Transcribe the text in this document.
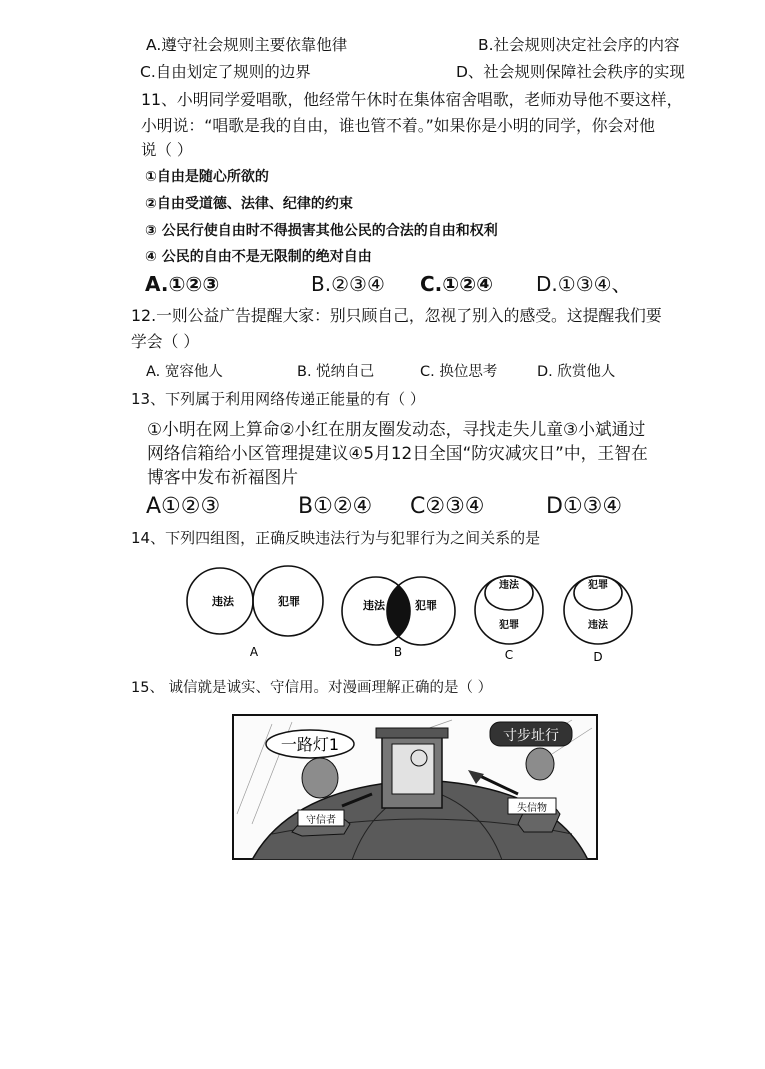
A.遵守社会规则主要依靠他律	B.社会规则决定社会序的内容
C.自由划定了规则的边界	D、社会规则保障社会秩序的实现
11、小明同学爱唱歌，他经常午休时在集体宿舍唱歌，老师劝导他不要这样，
小明说：“唱歌是我的自由，谁也管不着。”如果你是小明的同学，你会对他
说（ ）
①自由是随心所欲的
②自由受道德、法律、纪律的约束
③ 公民行使自由时不得损害其他公民的合法的自由和权利
④ 公民的自由不是无限制的绝对自由
A.①②③	B.②③④ C.①②④ D.①③④、
12.一则公益广告提醒大家：别只顾自己，忽视了别入的感受。这提醒我们要
学会（ ）
A. 宽容他人	B. 悦纳自己	C. 换位思考	D. 欣赏他人
13、下列属于利用网络传递正能量的有（ ）
①小明在网上算命②小红在朋友圈发动态，寻找走失儿童③小斌通过
网络信箱给小区管理提建议④5月12日全国“防灾减灾日”中，王智在
博客中发布祈福图片
A①②③	B①②④ C②③④	D①③④
14、下列四组图，正确反映违法行为与犯罪行为之间关系的是
违法	犯罪
A
违法	犯罪
B
违法
犯罪
C
犯罪
违法
D
15、 诚信就是诚实、守信用。对漫画理解正确的是（ ）
一路灯1	寸步址行
守信者
失信物
